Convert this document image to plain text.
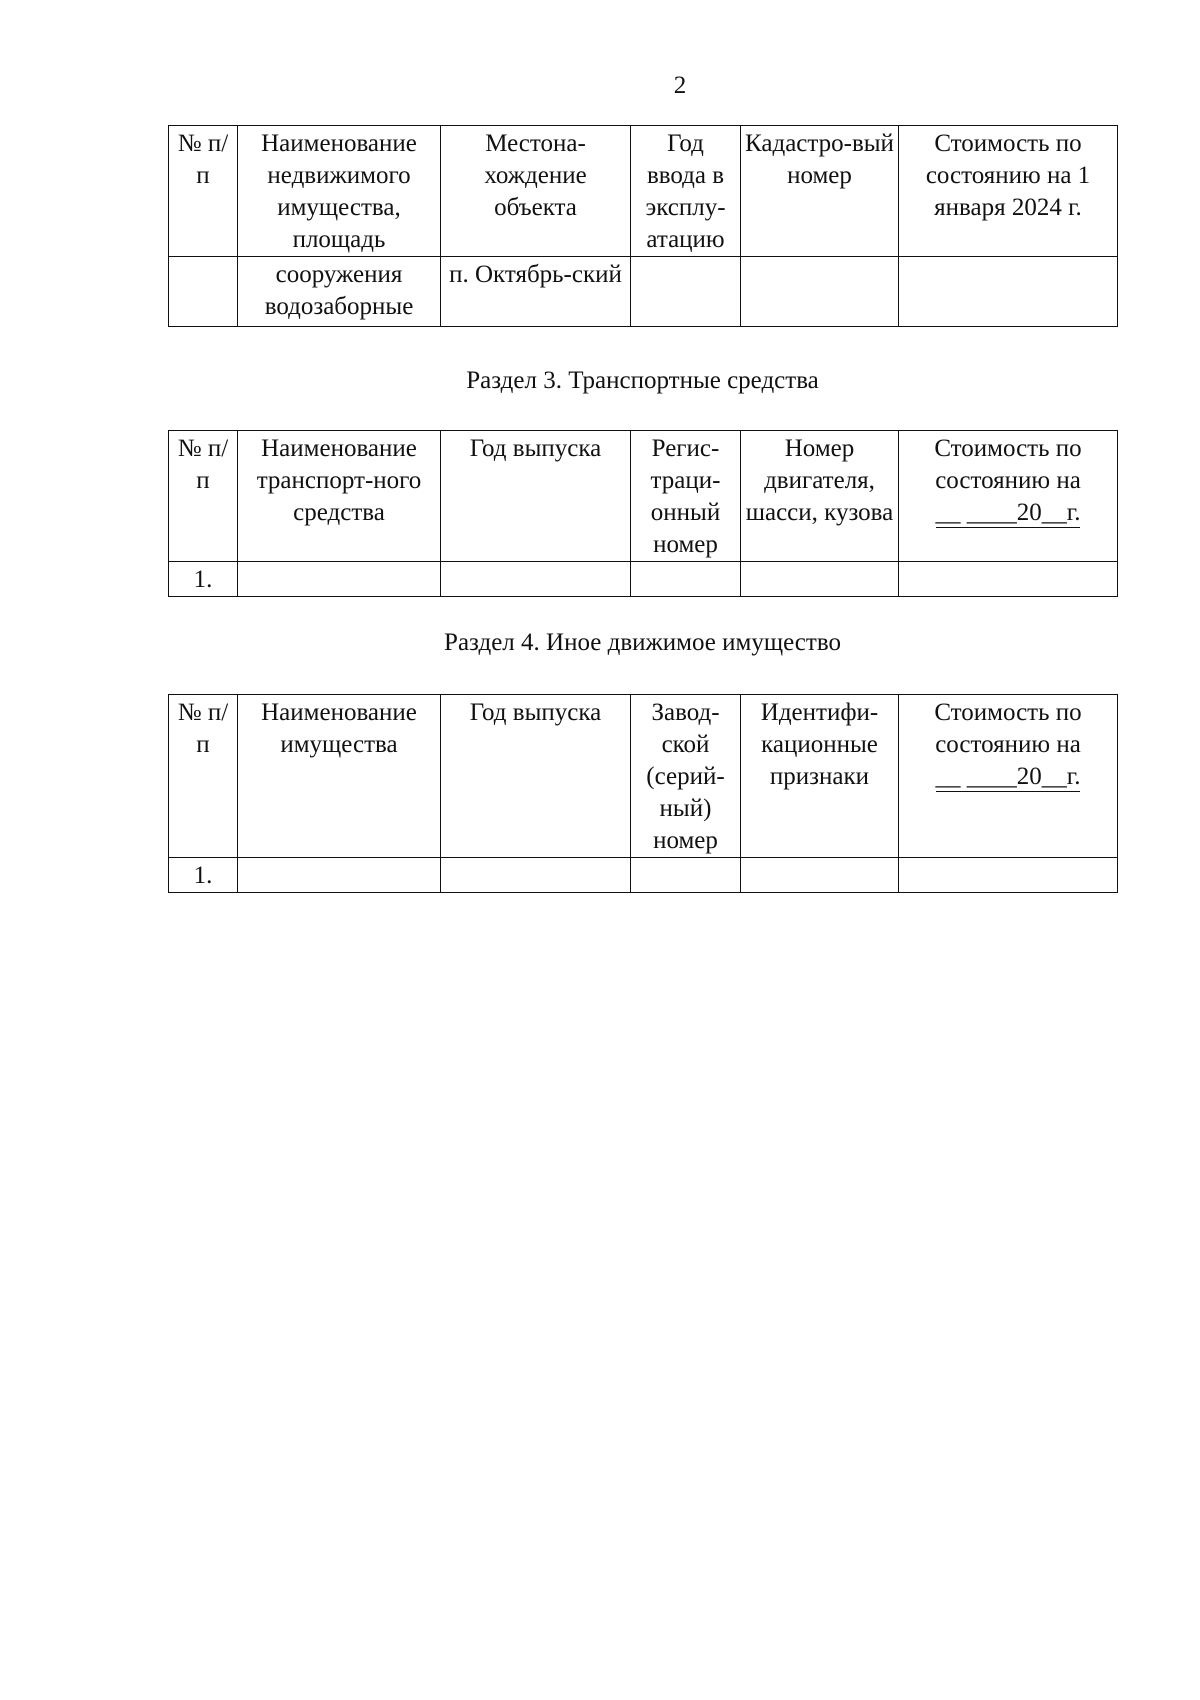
2
№ п/п	Наименование недвижимого имущества, площадь	Местона-хождение объекта	Год ввода в эксплу-атацию	Кадастро-вый номер	Стоимость по состоянию на 1 января 2024 г.
	сооружения водозаборные	п. Октябрь-ский			
Раздел 3. Транспортные средства
№ п/п	Наименование транспорт-ного средства	Год выпуска	Регис-траци-онный номер	Номер двигателя, шасси, кузова	Стоимость по состоянию на
__ ____20__г.
1.					
Раздел 4. Иное движимое имущество
№ п/п	Наименование имущества	Год выпуска	Завод-ской (серий-ный) номер	Идентифи-кационные признаки	Стоимость по состоянию на
__ ____20__г.
1.					
